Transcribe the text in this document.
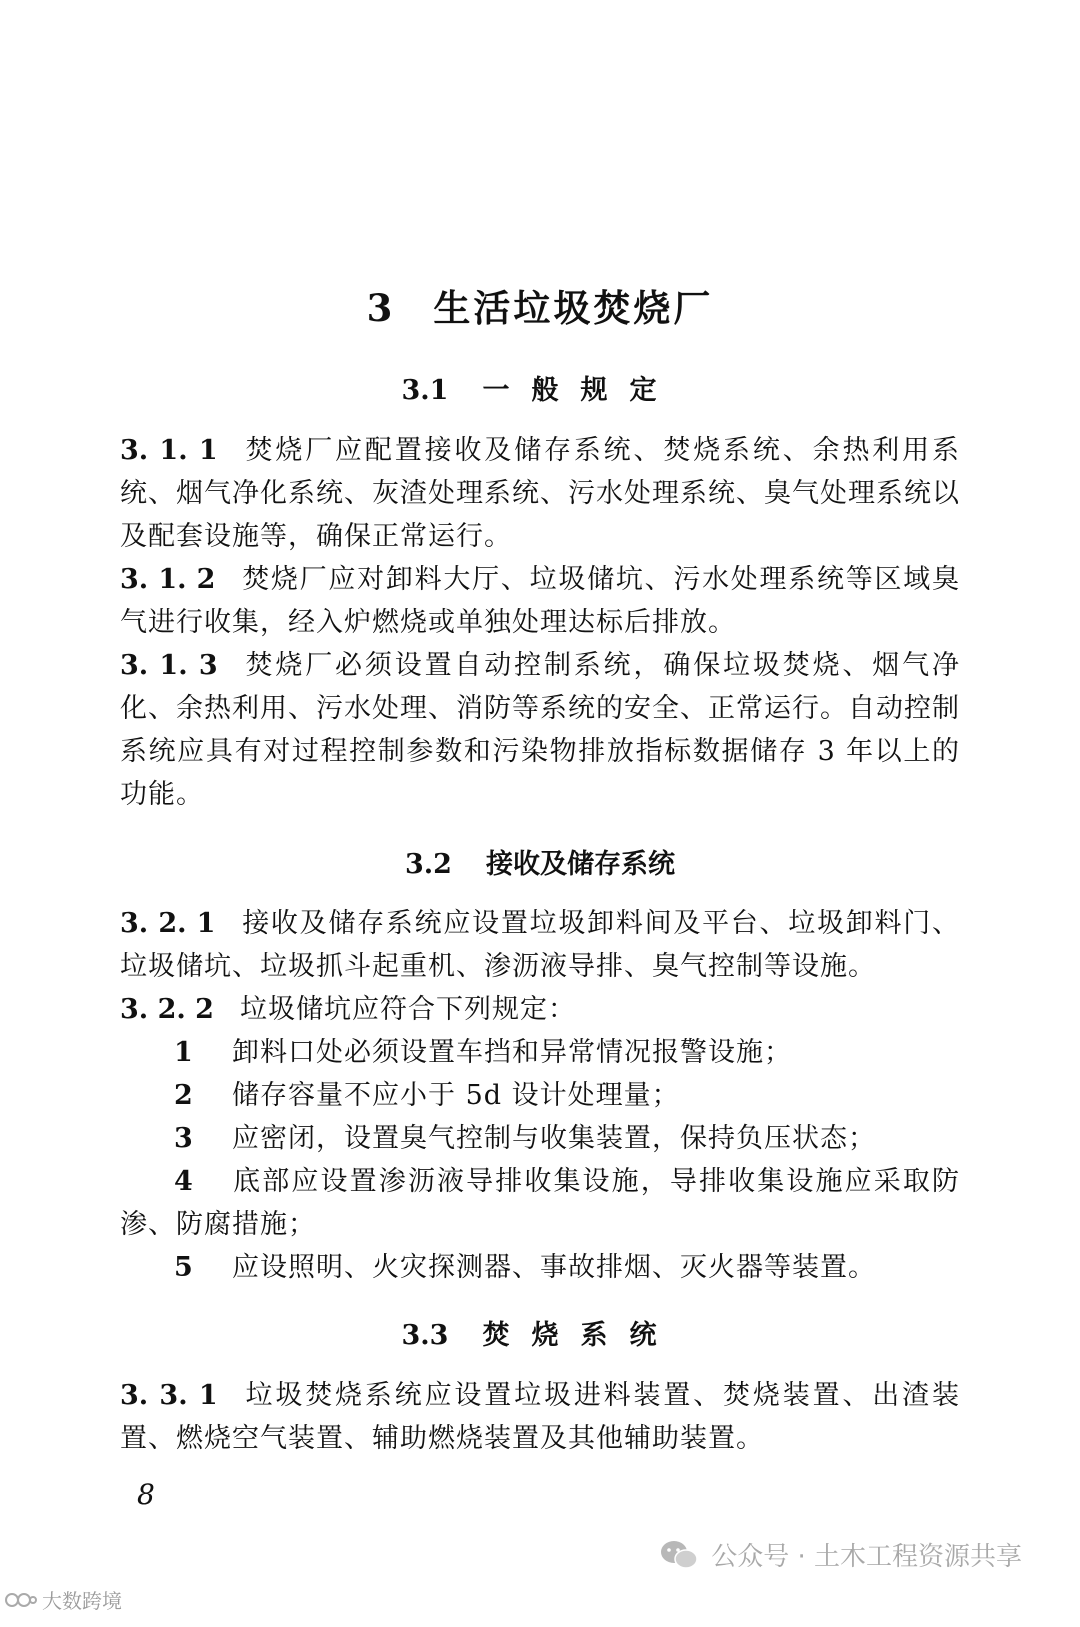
3 生活垃圾焚烧厂
3.1 一般规定
3. 1. 1 焚烧厂应配置接收及储存系统、焚烧系统、余热利用系统、烟气净化系统、灰渣处理系统、污水处理系统、臭气处理系统以及配套设施等，确保正常运行。
3. 1. 2 焚烧厂应对卸料大厅、垃圾储坑、污水处理系统等区域臭气进行收集，经入炉燃烧或单独处理达标后排放。
3. 1. 3 焚烧厂必须设置自动控制系统，确保垃圾焚烧、烟气净化、余热利用、污水处理、消防等系统的安全、正常运行。自动控制系统应具有对过程控制参数和污染物排放指标数据储存 3 年以上的功能。
3.2 接收及储存系统
3. 2. 1 接收及储存系统应设置垃圾卸料间及平台、垃圾卸料门、垃圾储坑、垃圾抓斗起重机、渗沥液导排、臭气控制等设施。
3. 2. 2 垃圾储坑应符合下列规定：
1 卸料口处必须设置车挡和异常情况报警设施；
2 储存容量不应小于 5d 设计处理量；
3 应密闭，设置臭气控制与收集装置，保持负压状态；
4 底部应设置渗沥液导排收集设施，导排收集设施应采取防渗、防腐措施；
5 应设照明、火灾探测器、事故排烟、灭火器等装置。
3.3 焚烧系统
3. 3. 1 垃圾焚烧系统应设置垃圾进料装置、焚烧装置、出渣装置、燃烧空气装置、辅助燃烧装置及其他辅助装置。
8
大数跨境
公众号 · 土木工程资源共享
